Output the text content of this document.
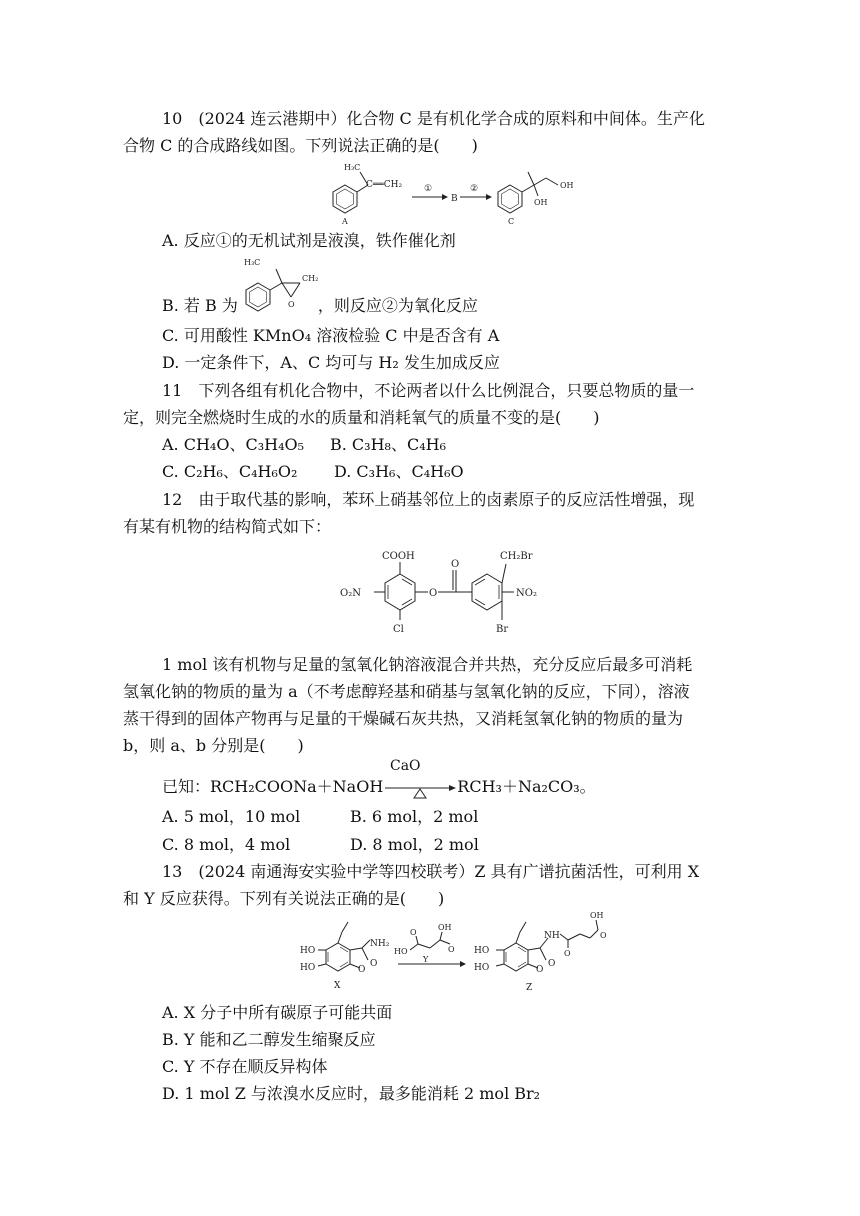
10　(2024 连云港期中）化合物 C 是有机化学合成的原料和中间体。生产化
合物 C 的合成路线如图。下列说法正确的是(　　)
H₃C
C══CH₂
A
①
B
②	OH
OH
C
A. 反应①的无机试剂是液溴，铁作催化剂
B. 若 B 为	，则反应②为氧化反应
H₃C
CH₂
O
C. 可用酸性 KMnO₄ 溶液检验 C 中是否含有 A
D. 一定条件下，A、C 均可与 H₂ 发生加成反应
11　下列各组有机化合物中，不论两者以什么比例混合，只要总物质的量一
定，则完全燃烧时生成的水的质量和消耗氧气的质量不变的是(　　)
A. CH₄O、C₃H₄O₅ B. C₃H₈、C₄H₆
C. C₂H₆、C₄H₆O₂ D. C₃H₆、C₄H₆O
12　由于取代基的影响，苯环上硝基邻位上的卤素原子的反应活性增强，现
有某有机物的结构简式如下：
COOH
O₂N
Cl
O
O
CH₂Br
NO₂
Br
1 mol 该有机物与足量的氢氧化钠溶液混合并共热，充分反应后最多可消耗
氢氧化钠的物质的量为 a（不考虑醇羟基和硝基与氢氧化钠的反应，下同），溶液
蒸干得到的固体产物再与足量的干燥碱石灰共热，又消耗氢氧化钠的物质的量为
b，则 a、b 分别是(　　)
已知：RCH₂COONa＋NaOH	RCH₃＋Na₂CO₃。
CaO
A. 5 mol，10 mol	B. 6 mol，2 mol
C. 8 mol，4 mol	D. 8 mol，2 mol
13　(2024 南通海安实验中学等四校联考）Z 具有广谱抗菌活性，可利用 X
和 Y 反应获得。下列有关说法正确的是(　　)
HO
HO
NH₂
O
O
X
HO
O
OH
O
Y
HO
HO
NH
O
O
O
OH
O
Z
A. X 分子中所有碳原子可能共面
B. Y 能和乙二醇发生缩聚反应
C. Y 不存在顺反异构体
D. 1 mol Z 与浓溴水反应时，最多能消耗 2 mol Br₂
